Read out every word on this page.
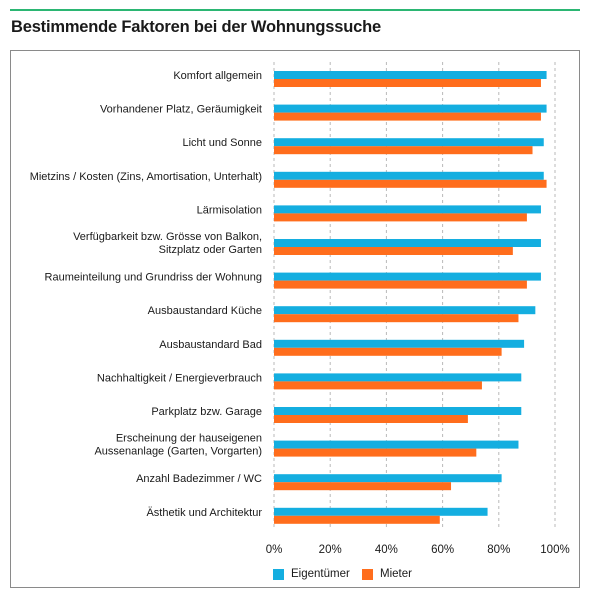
Bestimmende Faktoren bei der Wohnungssuche
0%	20%	40%	60%	80%	100%
Komfort allgemein
Vorhandener Platz, Geräumigkeit
Licht und Sonne
Mietzins / Kosten (Zins, Amortisation, Unterhalt)
Lärmisolation
Verfügbarkeit bzw. Grösse von Balkon, Sitzplatz oder Garten
Raumeinteilung und Grundriss der Wohnung
Ausbaustandard Küche
Ausbaustandard Bad
Nachhaltigkeit / Energieverbrauch
Parkplatz bzw. Garage
Erscheinung der hauseigenen Aussenanlage (Garten, Vorgarten)
Anzahl Badezimmer / WC
Ästhetik und Architektur
Eigentümer	Mieter
